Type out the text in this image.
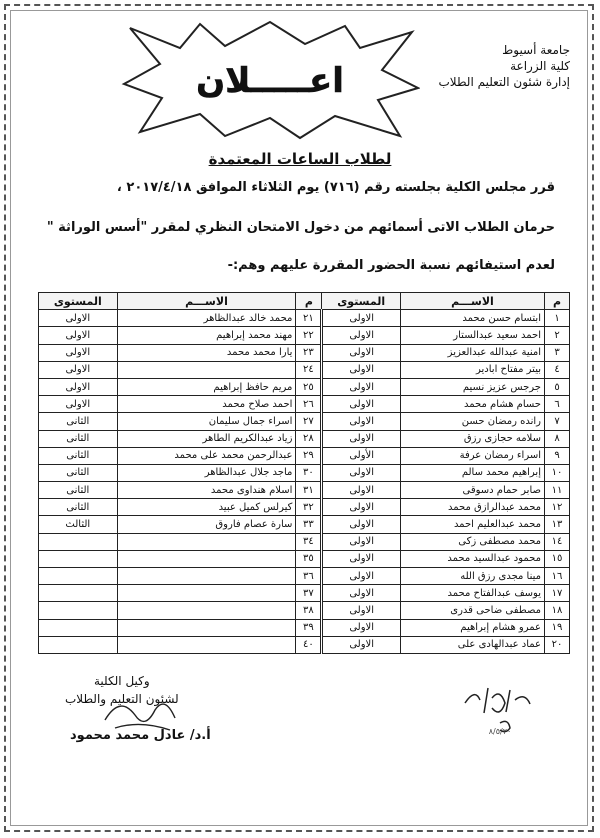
جامعة أسيوط
كلية الزراعة
إدارة شئون التعليم الطلاب
اعـــــلان
لطلاب الساعات المعتمدة
قرر مجلس الكلية بجلسته رقم (٧١٦) يوم الثلاثاء الموافق ٢٠١٧/٤/١٨ ،
حرمان الطلاب الاتى أسمائهم من دخول الامتحان النظري لمقرر "أسس الوراثة "
لعدم استيفائهم نسبة الحضور المقررة عليهم وهم:-
م	الاســـم	المستوى	م	الاســـم	المستوى
١	ابتسام حسن محمد	الاولى	٢١	محمد خالد عبدالظاهر	الاولى
٢	احمد سعيد عبدالستار	الاولى	٢٢	مهند محمد إبراهيم	الاولى
٣	امنية عبدالله عبدالعزيز	الاولى	٢٣	يارا محمد محمد	الاولى
٤	بيتر مفتاح ابادير	الاولى	٢٤		الاولى
٥	جرجس عزيز نسيم	الاولى	٢٥	مريم حافظ إبراهيم	الاولى
٦	حسام هشام محمد	الاولى	٢٦	احمد صلاح محمد	الاولى
٧	رانده رمضان حسن	الاولى	٢٧	اسراء جمال سليمان	الثانى
٨	سلامه حجازى رزق	الاولى	٢٨	زياد عبدالكريم الطاهر	الثانى
٩	اسراء رمضان عرفة	الأولى	٢٩	عبدالرحمن محمد على محمد	الثانى
١٠	إبراهيم محمد سالم	الاولى	٣٠	ماجد جلال عبدالظاهر	الثانى
١١	صابر حمام دسوقى	الاولى	٣١	اسلام هنداوى محمد	الثانى
١٢	محمد عبدالرازق محمد	الاولى	٣٢	كيرلس كميل عبيد	الثانى
١٣	محمد عبدالعليم احمد	الاولى	٣٣	سارة عصام فاروق	الثالث
١٤	محمد مصطفى زكى	الاولى	٣٤		
١٥	محمود عبدالسيد محمد	الاولى	٣٥		
١٦	مينا مجدى رزق الله	الاولى	٣٦		
١٧	يوسف عبدالفتاح محمد	الاولى	٣٧		
١٨	مصطفى ضاحى قدرى	الاولى	٣٨		
١٩	عمرو هشام إبراهيم	الاولى	٣٩		
٢٠	عماد عبدالهادى على	الاولى	٤٠		
٨/٥/٢٠
وكيل الكلية
لشئون التعليم والطلاب
أ.د/ عادل محمد محمود
